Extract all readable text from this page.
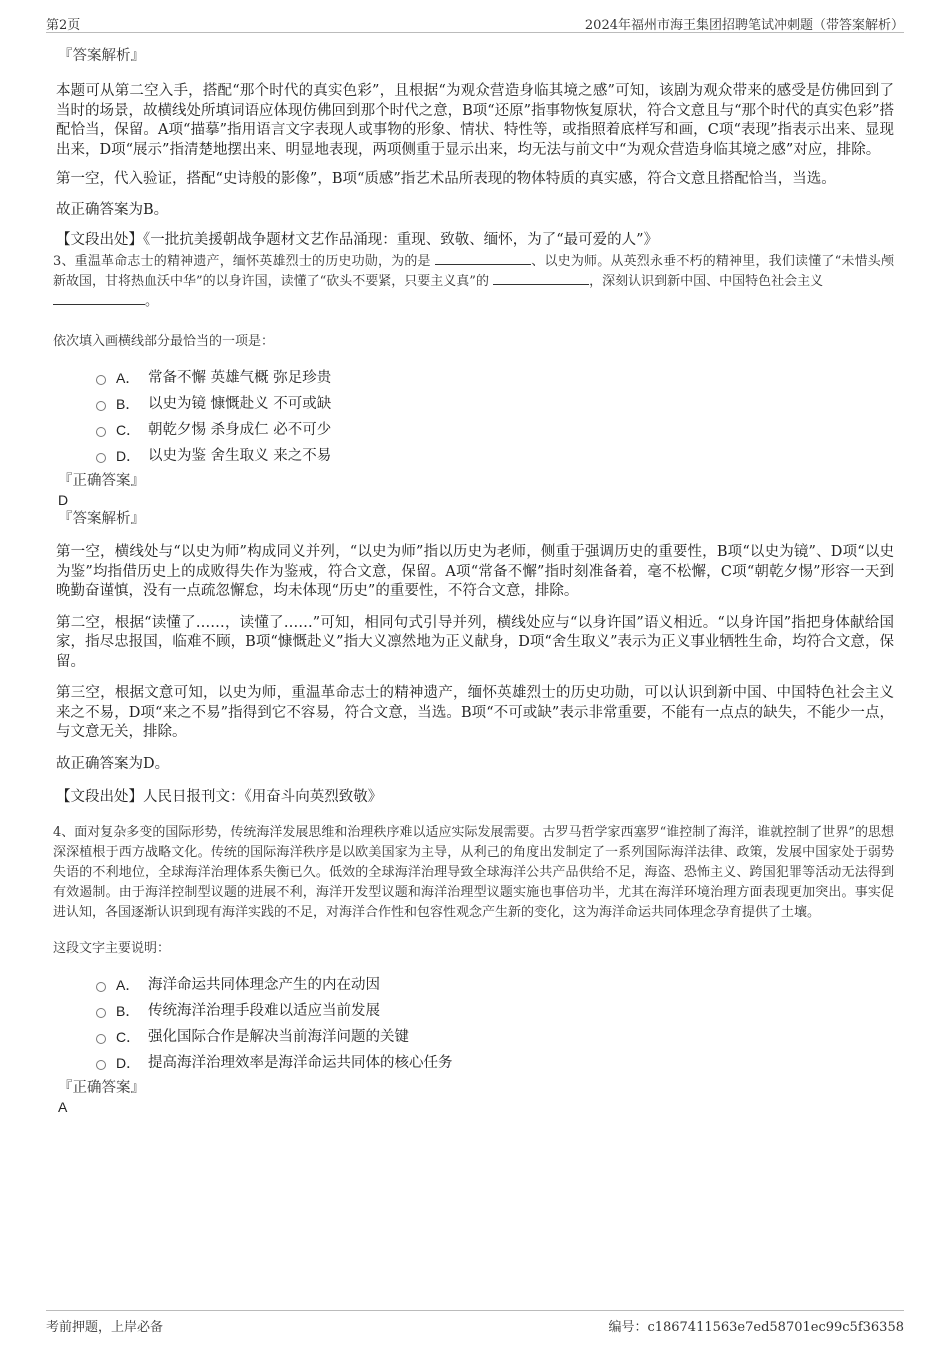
第2页	2024年福州市海王集团招聘笔试冲刺题（带答案解析）
『答案解析』

本题可从第二空入手，搭配“那个时代的真实色彩”，且根据“为观众营造身临其境之感”可知，该剧为观众带来的感受是仿佛回到了当时的场景，故横线处所填词语应体现仿佛回到那个时代之意，B项“还原”指事物恢复原状，符合文意且与“那个时代的真实色彩”搭配恰当，保留。A项“描摹”指用语言文字表现人或事物的形象、情状、特性等，或指照着底样写和画，C项“表现”指表示出来、显现出来，D项“展示”指清楚地摆出来、明显地表现，两项侧重于显示出来，均无法与前文中“为观众营造身临其境之感”对应，排除。

第一空，代入验证，搭配“史诗般的影像”，B项“质感”指艺术品所表现的物体特质的真实感，符合文意且搭配恰当，当选。

故正确答案为B。

【文段出处】《一批抗美援朝战争题材文艺作品涌现：重现、致敬、缅怀，为了“最可爱的人”》

3、重温革命志士的精神遗产，缅怀英雄烈士的历史功勋，为的是	、以史为师。从英烈永垂不朽的精神里，我们读懂了“未惜头颅新故国，甘将热血沃中华”的以身许国，读懂了“砍头不要紧，只要主义真”的	，深刻认识到新中国、中国特色社会主义
。

依次填入画横线部分最恰当的一项是：

A． 常备不懈 英雄气概 弥足珍贵
B． 以史为镜 慷慨赴义 不可或缺
C． 朝乾夕惕 杀身成仁 必不可少
D． 以史为鉴 舍生取义 来之不易
『正确答案』
D
『答案解析』

第一空，横线处与“以史为师”构成同义并列，“以史为师”指以历史为老师，侧重于强调历史的重要性，B项“以史为镜”、D项“以史为鉴”均指借历史上的成败得失作为鉴戒，符合文意，保留。A项“常备不懈”指时刻准备着，毫不松懈，C项“朝乾夕惕”形容一天到晚勤奋谨慎，没有一点疏忽懈怠，均未体现“历史”的重要性，不符合文意，排除。

第二空，根据“读懂了……，读懂了……”可知，相同句式引导并列，横线处应与“以身许国”语义相近。“以身许国”指把身体献给国家，指尽忠报国，临难不顾，B项“慷慨赴义”指大义凛然地为正义献身，D项“舍生取义”表示为正义事业牺牲生命，均符合文意，保留。

第三空，根据文意可知，以史为师，重温革命志士的精神遗产，缅怀英雄烈士的历史功勋，可以认识到新中国、中国特色社会主义来之不易，D项“来之不易”指得到它不容易，符合文意，当选。B项“不可或缺”表示非常重要，不能有一点点的缺失，不能少一点，与文意无关，排除。

故正确答案为D。

【文段出处】人民日报刊文：《用奋斗向英烈致敬》

4、面对复杂多变的国际形势，传统海洋发展思维和治理秩序难以适应实际发展需要。古罗马哲学家西塞罗“谁控制了海洋，谁就控制了世界”的思想深深植根于西方战略文化。传统的国际海洋秩序是以欧美国家为主导，从利己的角度出发制定了一系列国际海洋法律、政策，发展中国家处于弱势失语的不利地位，全球海洋治理体系失衡已久。低效的全球海洋治理导致全球海洋公共产品供给不足，海盗、恐怖主义、跨国犯罪等活动无法得到有效遏制。由于海洋控制型议题的进展不利，海洋开发型议题和海洋治理型议题实施也事倍功半，尤其在海洋环境治理方面表现更加突出。事实促进认知，各国逐渐认识到现有海洋实践的不足，对海洋合作性和包容性观念产生新的变化，这为海洋命运共同体理念孕育提供了土壤。

这段文字主要说明：

A． 海洋命运共同体理念产生的内在动因
B． 传统海洋治理手段难以适应当前发展
C． 强化国际合作是解决当前海洋问题的关键
D． 提高海洋治理效率是海洋命运共同体的核心任务
『正确答案』
A
考前押题，上岸必备	编号：c1867411563e7ed58701ec99c5f36358
